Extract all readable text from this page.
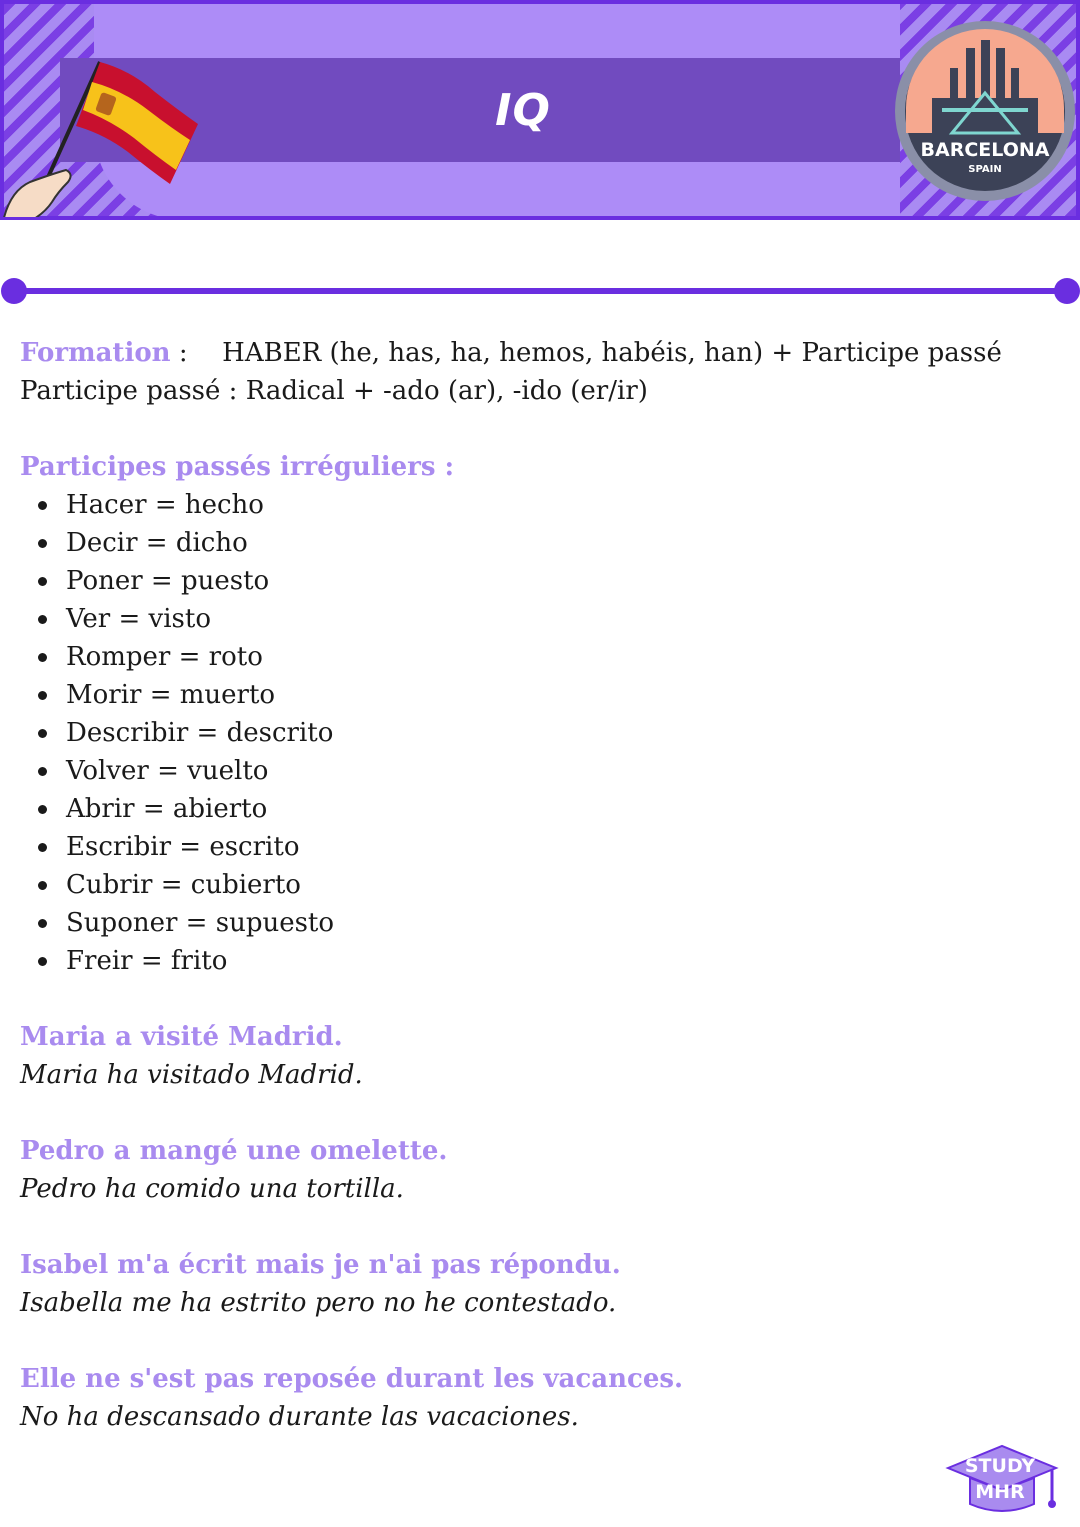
IQ
BARCELONA
SPAIN
Formation : HABER (he, has, ha, hemos, habéis, han) + Participe passé
Participe passé : Radical + -ado (ar), -ido (er/ir)
Participes passés irréguliers :
Hacer = hecho
Decir = dicho
Poner = puesto
Ver = visto
Romper = roto
Morir = muerto
Describir = descrito
Volver = vuelto
Abrir = abierto
Escribir = escrito
Cubrir = cubierto
Suponer = supuesto
Freir = frito
Maria a visité Madrid.
Maria ha visitado Madrid.
Pedro a mangé une omelette.
Pedro ha comido una tortilla.
Isabel m'a écrit mais je n'ai pas répondu.
Isabella me ha estrito pero no he contestado.
Elle ne s'est pas reposée durant les vacances.
No ha descansado durante las vacaciones.
STUDY
MHR
